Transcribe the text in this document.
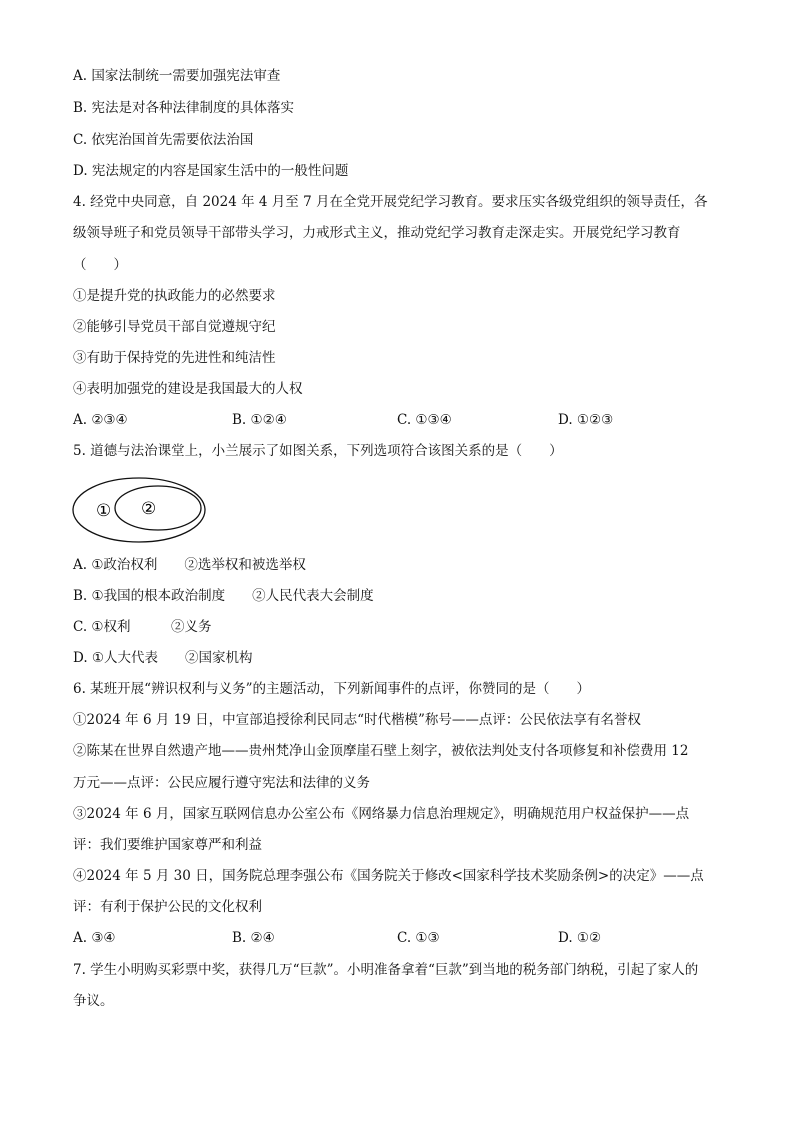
A. 国家法制统一需要加强宪法审查
B. 宪法是对各种法律制度的具体落实
C. 依宪治国首先需要依法治国
D. 宪法规定的内容是国家生活中的一般性问题
4. 经党中央同意，自 2024 年 4 月至 7 月在全党开展党纪学习教育。要求压实各级党组织的领导责任，各
级领导班子和党员领导干部带头学习，力戒形式主义，推动党纪学习教育走深走实。开展党纪学习教育
（　　）
①是提升党的执政能力的必然要求
②能够引导党员干部自觉遵规守纪
③有助于保持党的先进性和纯洁性
④表明加强党的建设是我国最大的人权
A. ②③④	B. ①②④	C. ①③④	D. ①②③
5. 道德与法治课堂上，小兰展示了如图关系，下列选项符合该图关系的是（　　）
① ②
A. ①政治权利　　②选举权和被选举权
B. ①我国的根本政治制度　　②人民代表大会制度
C. ①权利　　　②义务
D. ①人大代表　　②国家机构
6. 某班开展“辨识权利与义务”的主题活动，下列新闻事件的点评，你赞同的是（　　）
①2024 年 6 月 19 日，中宣部追授徐利民同志“时代楷模”称号——点评：公民依法享有名誉权
②陈某在世界自然遗产地——贵州梵净山金顶摩崖石壁上刻字，被依法判处支付各项修复和补偿费用 12
万元——点评：公民应履行遵守宪法和法律的义务
③2024 年 6 月，国家互联网信息办公室公布《网络暴力信息治理规定》，明确规范用户权益保护——点
评：我们要维护国家尊严和利益
④2024 年 5 月 30 日，国务院总理李强公布《国务院关于修改<国家科学技术奖励条例>的决定》——点
评：有利于保护公民的文化权利
A. ③④	B. ②④	C. ①③	D. ①②
7. 学生小明购买彩票中奖，获得几万“巨款”。小明准备拿着“巨款”到当地的税务部门纳税，引起了家人的
争议。
